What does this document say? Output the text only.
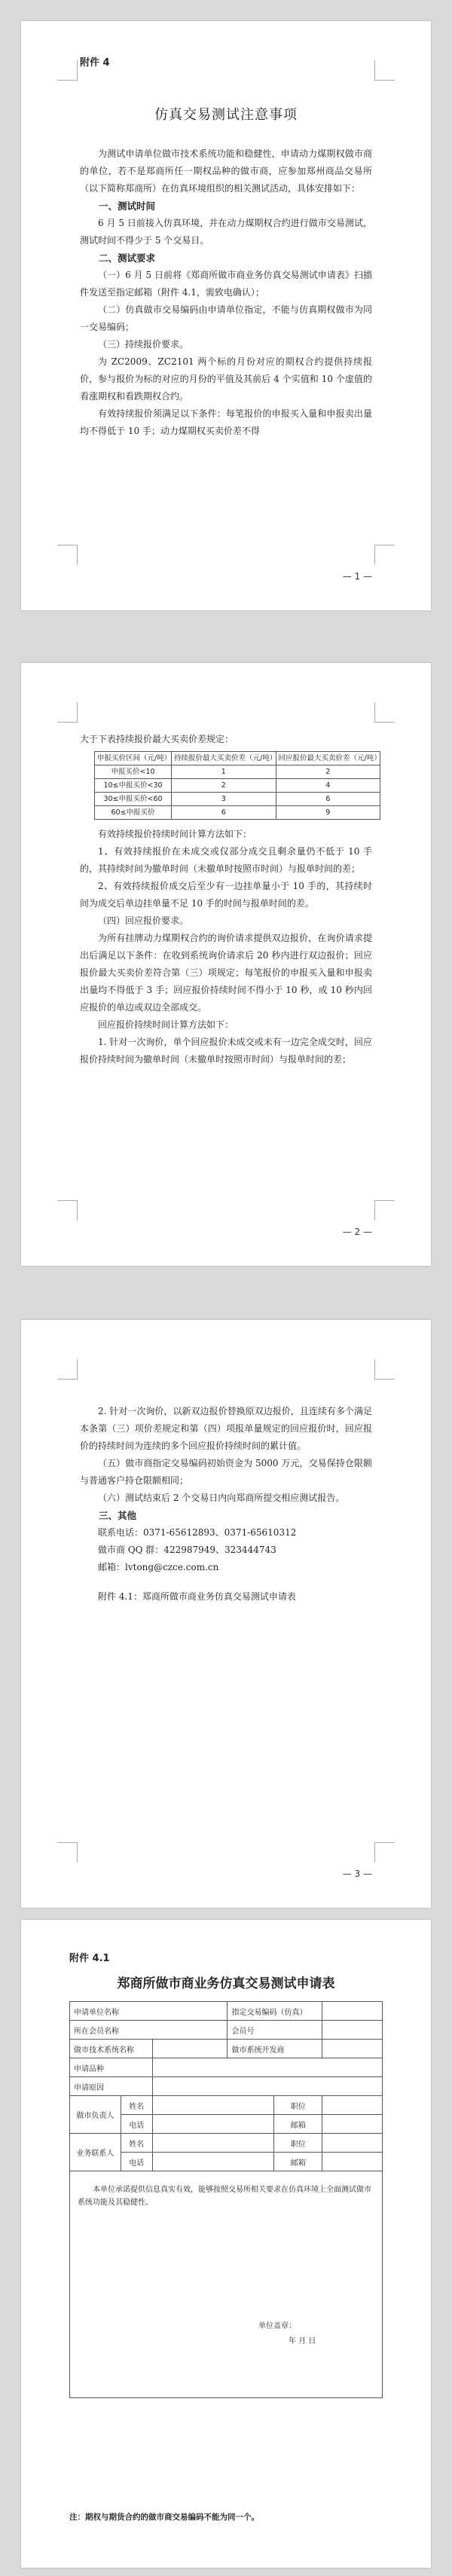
附件 4
仿真交易测试注意事项
为测试申请单位做市技术系统功能和稳健性，申请动力煤期权做市商的单位，若不是郑商所任一期权品种的做市商，应参加郑州商品交易所（以下简称郑商所）在仿真环境组织的相关测试活动，具体安排如下：
一、测试时间
6 月 5 日前接入仿真环境，并在动力煤期权合约进行做市交易测试，测试时间不得少于 5 个交易日。
二、测试要求
（一）6 月 5 日前将《郑商所做市商业务仿真交易测试申请表》扫描件发送至指定邮箱（附件 4.1，需致电确认）；
（二）仿真做市交易编码由申请单位指定，不能与仿真期权做市为同一交易编码；
（三）持续报价要求。
为 ZC2009、ZC2101 两个标的月份对应的期权合约提供持续报价，参与报价为标的对应的月份的平值及其前后 4 个实值和 10 个虚值的看涨期权和看跌期权合约。
有效持续报价须满足以下条件：每笔报价的申报买入量和申报卖出量均不得低于 10 手；动力煤期权买卖价差不得
— 1 —
大于下表持续报价最大买卖价差规定：
申报买价区间（元/吨）	持续报价最大买卖价差（元/吨）	回应报价最大买卖价差（元/吨）
申报买价<10	1	2
10≤申报买价<30	2	4
30≤申报买价<60	3	6
60≤申报买价	6	9
有效持续报价持续时间计算方法如下：
1、有效持续报价在未成交或仅部分成交且剩余量仍不低于 10 手的，其持续时间为撤单时间（未撤单时按照市时间）与报单时间的差；
2、有效持续报价成交后至少有一边挂单量小于 10 手的，其持续时间为成交后单边挂单量不足 10 手的时间与报单时间的差。
（四）回应报价要求。
为所有挂牌动力煤期权合约的询价请求提供双边报价，在询价请求提出后满足以下条件：在收到系统询价请求后 20 秒内进行双边报价；回应报价最大买卖价差符合第（三）项规定；每笔报价的申报买入量和申报卖出量均不得低于 3 手；回应报价持续时间不得小于 10 秒，或 10 秒内回应报价的单边或双边全部成交。
回应报价持续时间计算方法如下：
1. 针对一次询价，单个回应报价未成交或未有一边完全成交时，回应报价持续时间为撤单时间（未撤单时按照市时间）与报单时间的差；
— 2 —
2. 针对一次询价，以新双边报价替换原双边报价，且连续有多个满足本条第（三）项价差规定和第（四）项报单量规定的回应报价时，回应报价的持续时间为连续的多个回应报价持续时间的累计值。
（五）做市商指定交易编码初始资金为 5000 万元，交易保持仓限额与普通客户持仓限额相同；
（六）测试结束后 2 个交易日内向郑商所提交相应测试报告。
三、其他
联系电话：0371-65612893、0371-65610312
做市商 QQ 群：422987949、323444743
邮箱：lvtong@czce.com.cn
附件 4.1：郑商所做市商业务仿真交易测试申请表
— 3 —
附件 4.1
郑商所做市商业务仿真交易测试申请表
申请单位名称			指定交易编码（仿真）		
所在会员名称			会员号		
做市技术系统名称			做市系统开发商		
申请品种					
申请原因					
做市负责人	姓名			职位	
	电话			邮箱	
业务联系人	姓名			职位	
	电话			邮箱	

本单位承诺提供信息真实有效，能够按照交易所相关要求在仿真环境上全面测试做市系统功能及其稳健性。
单位盖章：
年 月 日					
注：期权与期货合约的做市商交易编码不能为同一个。
